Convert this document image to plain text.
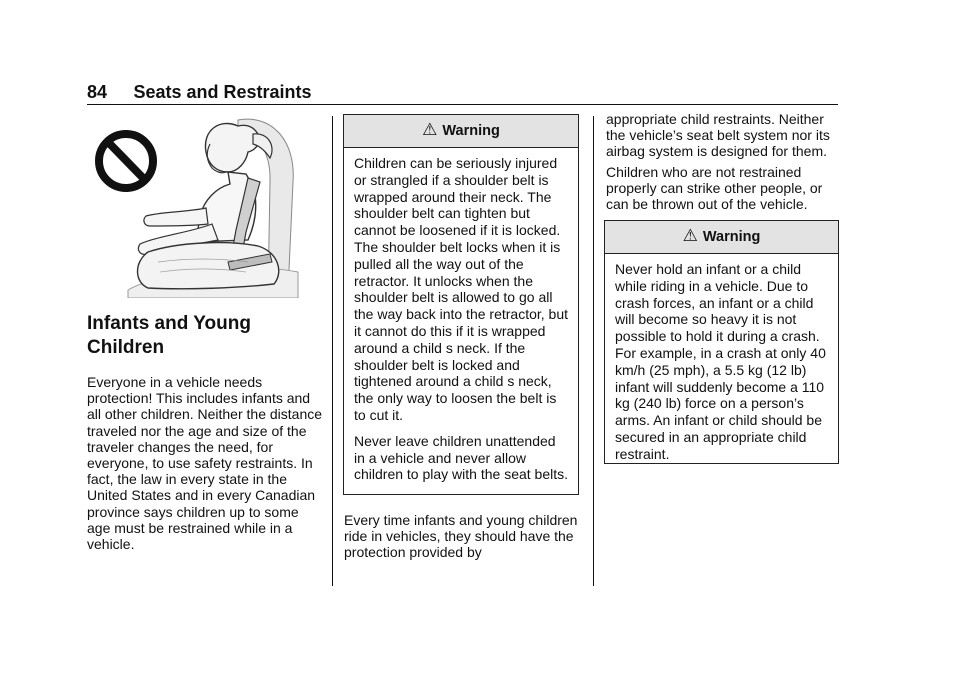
84 Seats and Restraints
Infants and Young
Children

Everyone in a vehicle needs protection! This includes infants and all other children. Neither the distance traveled nor the age and size of the traveler changes the need, for everyone, to use safety restraints. In fact, the law in every state in the United States and in every Canadian province says children up to some age must be restrained while in a vehicle.

⚠ Warning

Children can be seriously injured or strangled if a shoulder belt is wrapped around their neck. The shoulder belt can tighten but cannot be loosened if it is locked. The shoulder belt locks when it is pulled all the way out of the retractor. It unlocks when the shoulder belt is allowed to go all the way back into the retractor, but it cannot do this if it is wrapped around a child s neck. If the shoulder belt is locked and tightened around a child s neck, the only way to loosen the belt is to cut it.

Never leave children unattended in a vehicle and never allow children to play with the seat belts.

Every time infants and young children ride in vehicles, they should have the protection provided by

appropriate child restraints. Neither the vehicle’s seat belt system nor its airbag system is designed for them.

Children who are not restrained properly can strike other people, or can be thrown out of the vehicle.

⚠ Warning

Never hold an infant or a child while riding in a vehicle. Due to crash forces, an infant or a child will become so heavy it is not possible to hold it during a crash. For example, in a crash at only 40 km/h (25 mph), a 5.5 kg (12 lb) infant will suddenly become a 110 kg (240 lb) force on a person’s arms. An infant or child should be secured in an appropriate child restraint.
